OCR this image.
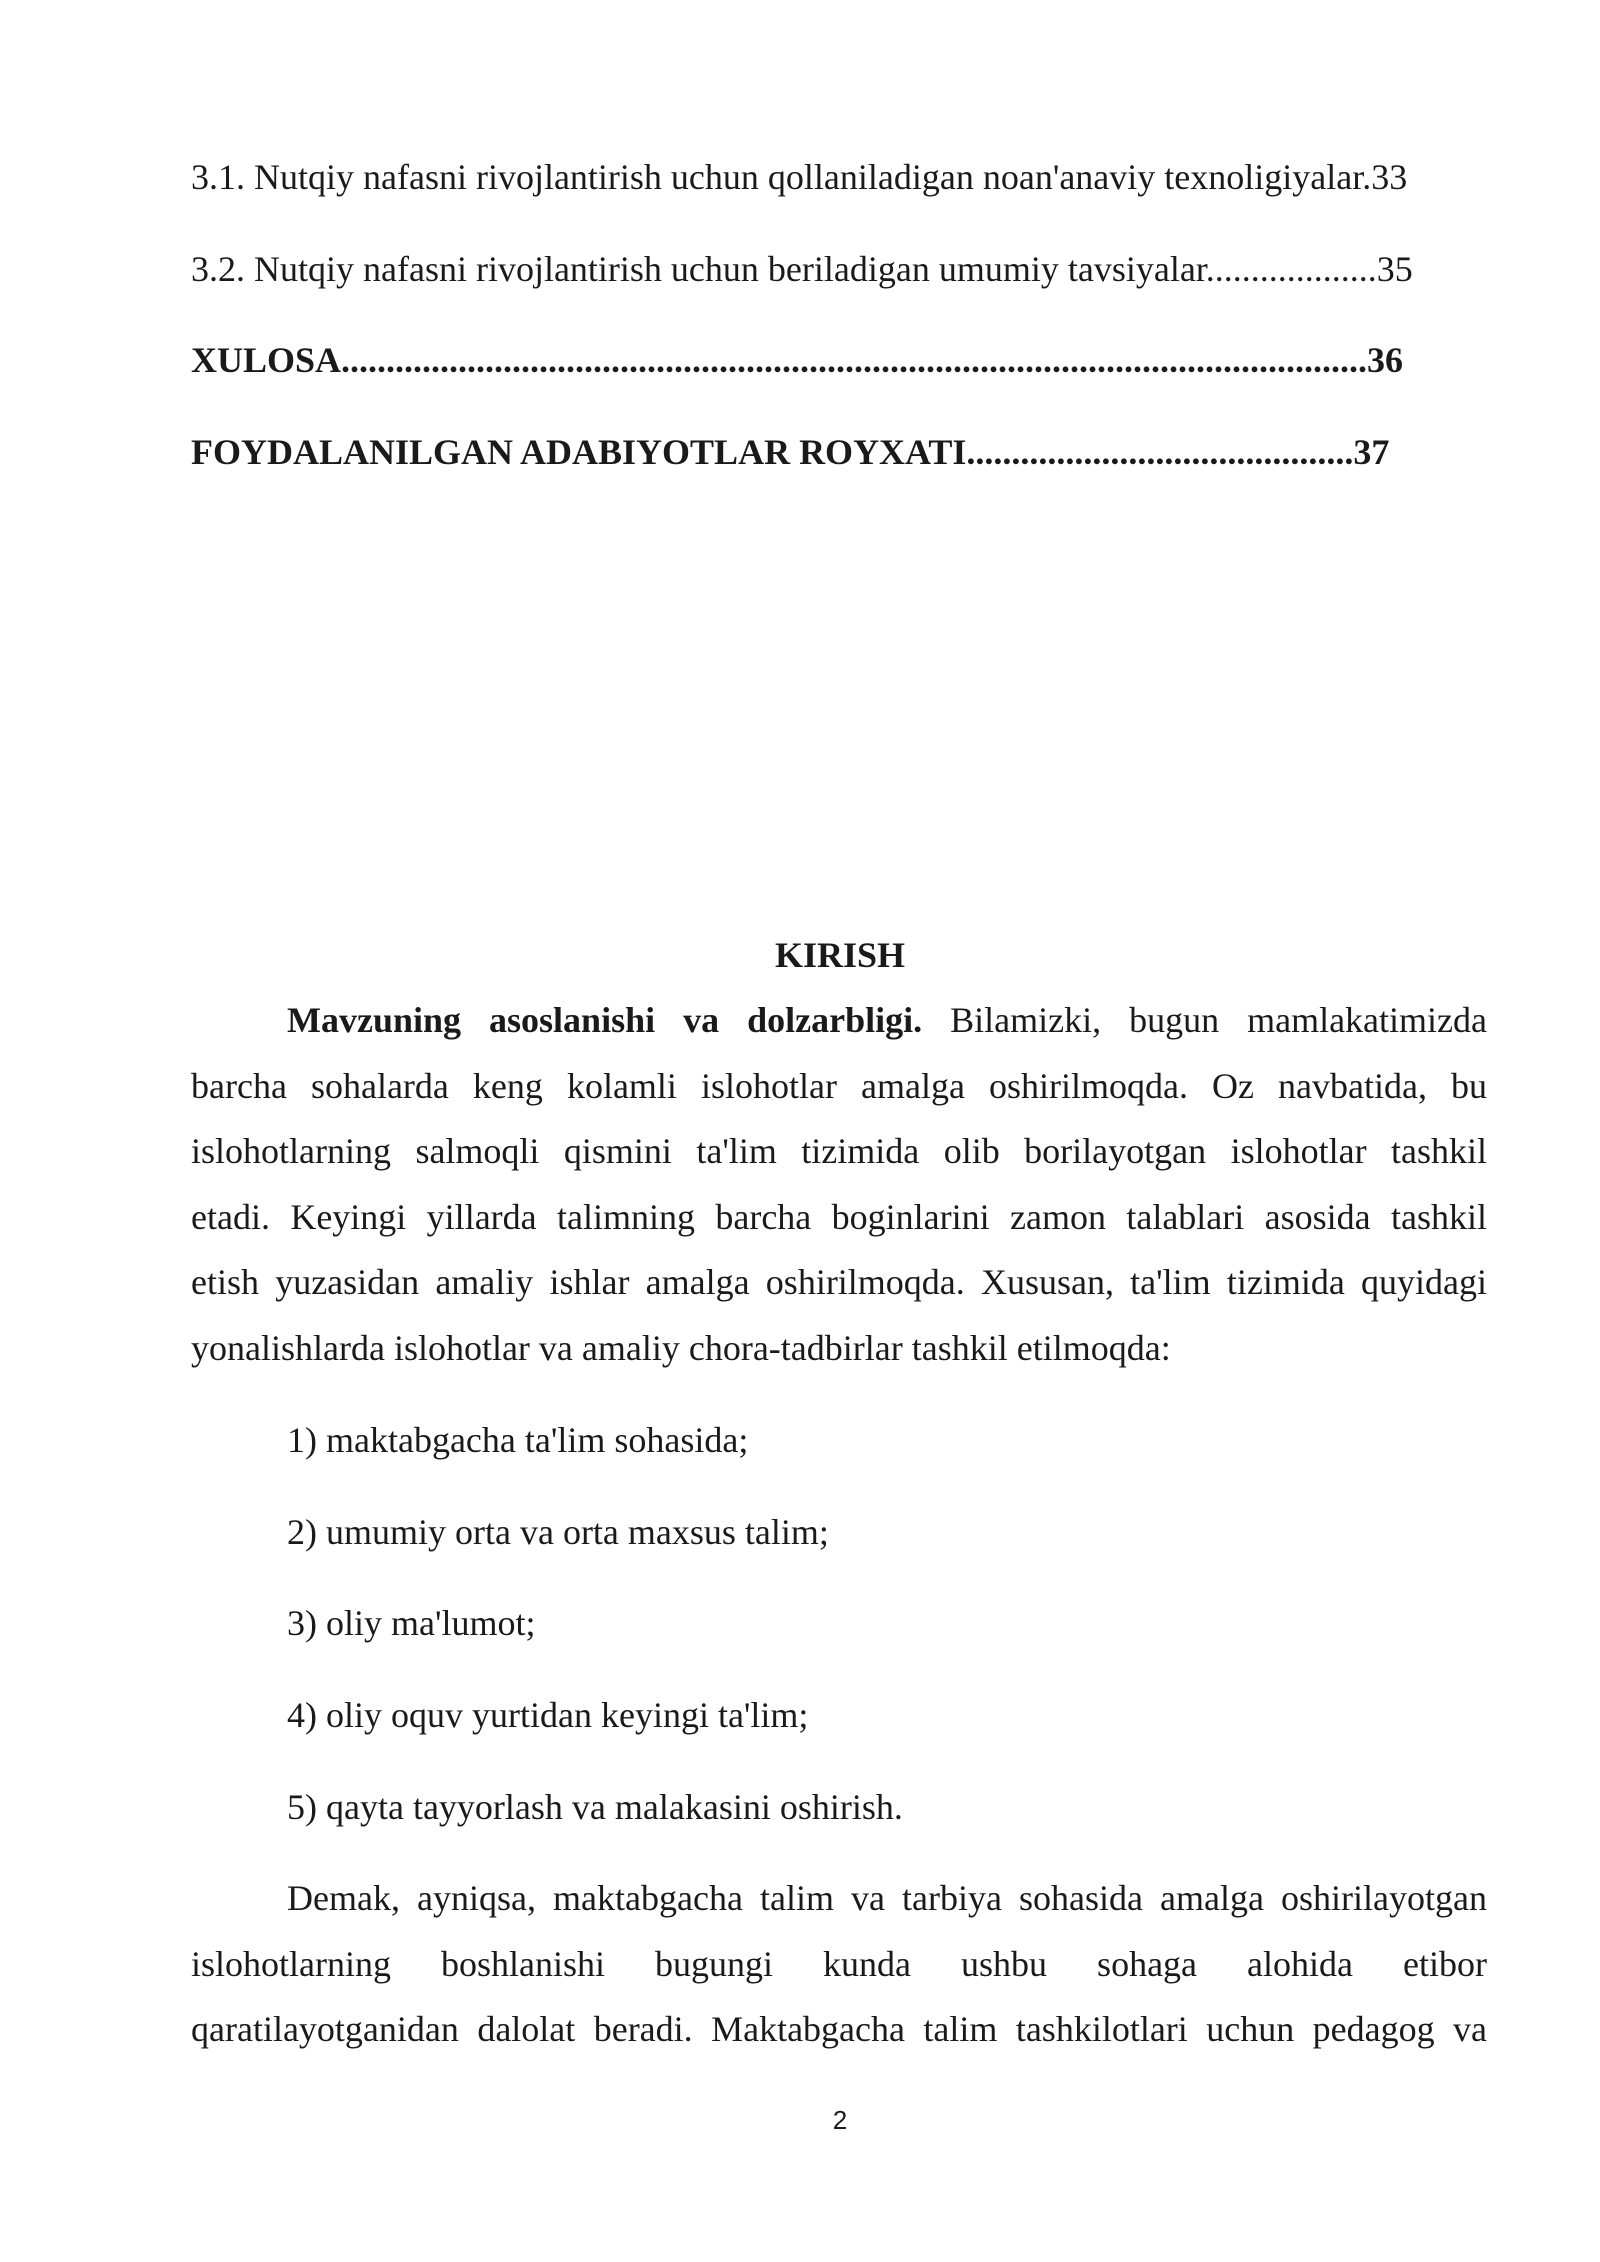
3.1. Nutqiy nafasni rivojlantirish uchun qollaniladigan noan'anaviy texnoligiyalar.33
3.2. Nutqiy nafasni rivojlantirish uchun beriladigan umumiy tavsiyalar...................35
XULOSA..................................................................................................................36
FOYDALANILGAN ADABIYOTLAR ROYXATI...........................................37
KIRISH
Mavzuning asoslanishi va dolzarbligi. Bilamizki, bugun mamlakatimizda
barcha sohalarda keng kolamli islohotlar amalga oshirilmoqda. Oz navbatida, bu
islohotlarning salmoqli qismini ta'lim tizimida olib borilayotgan islohotlar tashkil
etadi. Keyingi yillarda talimning barcha boginlarini zamon talablari asosida tashkil
etish yuzasidan amaliy ishlar amalga oshirilmoqda. Xususan, ta'lim tizimida quyidagi
yonalishlarda islohotlar va amaliy chora-tadbirlar tashkil etilmoqda:
1) maktabgacha ta'lim sohasida;
2) umumiy orta va orta maxsus talim;
3) oliy ma'lumot;
4) oliy oquv yurtidan keyingi ta'lim;
5) qayta tayyorlash va malakasini oshirish.
Demak, ayniqsa, maktabgacha talim va tarbiya sohasida amalga oshirilayotgan
islohotlarning boshlanishi bugungi kunda ushbu sohaga alohida etibor
qaratilayotganidan dalolat beradi. Maktabgacha talim tashkilotlari uchun pedagog va
2
